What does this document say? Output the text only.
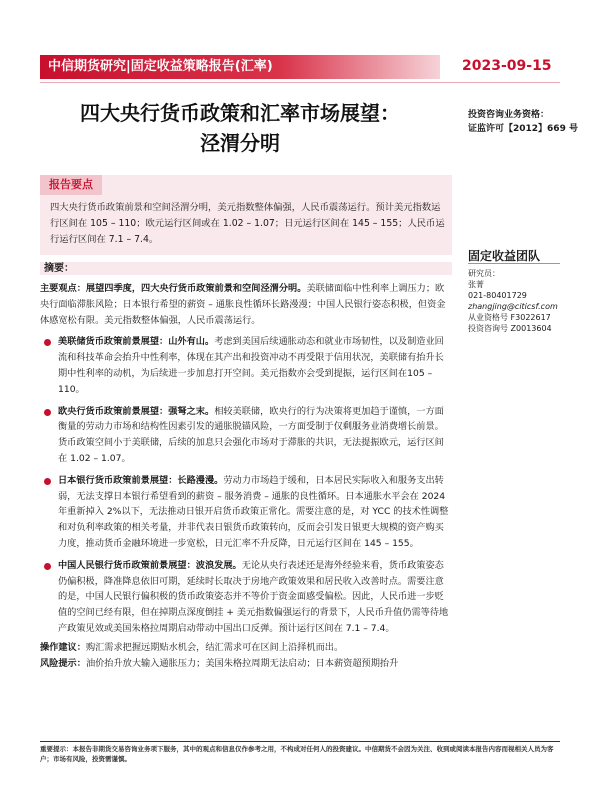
中信期货研究|固定收益策略报告(汇率)	2023-09-15
四大央行货币政策和汇率市场展望：
泾渭分明
投资咨询业务资格：
证监许可【2012】669 号
报告要点
四大央行货币政策前景和空间泾渭分明，美元指数整体偏强，人民币震荡运行。预计美元指数运行区间在 105 – 110；欧元运行区间或在 1.02 – 1.07；日元运行区间在 145 – 155；人民币运行运行区间在 7.1 – 7.4。
摘要：

主要观点：展望四季度，四大央行货币政策前景和空间泾渭分明。美联储面临中性利率上调压力；欧央行面临滞胀风险；日本银行希望的薪资 – 通胀良性循环长路漫漫；中国人民银行姿态积极，但资金体感宽松有限。美元指数整体偏强，人民币震荡运行。

美联储货币政策前景展望：山外有山。考虑到美国后续通胀动态和就业市场韧性，以及制造业回流和科技革命会抬升中性利率，体现在其产出和投资冲动不再受限于信用状况，美联储有抬升长期中性利率的动机，为后续进一步加息打开空间。美元指数亦会受到提振，运行区间在105 – 110。

欧央行货币政策前景展望：强弩之末。相较美联储，欧央行的行为决策将更加趋于谨慎，一方面衡量的劳动力市场和结构性因素引发的通胀脱锚风险，一方面受制于仅剩服务业消费增长前景。货币政策空间小于美联储，后续的加息只会强化市场对于滞胀的共识，无法提振欧元，运行区间在 1.02 – 1.07。

日本银行货币政策前景展望：长路漫漫。劳动力市场趋于缓和，日本居民实际收入和服务支出转弱，无法支撑日本银行希望看到的薪资 – 服务消费 – 通胀的良性循环。日本通胀水平会在 2024 年重新掉入 2%以下，无法推动日银开启货币政策正常化。需要注意的是，对 YCC 的技术性调整和对负利率政策的相关考量，并非代表日银货币政策转向，反而会引发日银更大规模的资产购买力度，推动货币金融环境进一步宽松，日元汇率不升反降，日元运行区间在 145 – 155。

中国人民银行货币政策前景展望：波浪发展。无论从央行表述还是海外经验来看，货币政策姿态仍偏积极，降准降息依旧可期，延续时长取决于房地产政策效果和居民收入改善时点。需要注意的是，中国人民银行偏积极的货币政策姿态并不等价于资金面感受偏松。因此，人民币进一步贬值的空间已经有限，但在掉期点深度倒挂 + 美元指数偏强运行的背景下，人民币升值仍需等待地产政策见效或美国朱格拉周期启动带动中国出口反弹。预计运行区间在 7.1 – 7.4。

操作建议：购汇需求把握远期贴水机会，结汇需求可在区间上沿择机而出。

风险提示：油价抬升放大输入通胀压力；美国朱格拉周期无法启动；日本薪资超预期抬升

固定收益团队
研究员：
张菁
021-80401729
zhangjing@citicsf.com
从业资格号 F3022617
投资咨询号 Z0013604
重要提示：本报告非期货交易咨询业务项下服务，其中的观点和信息仅作参考之用，不构成对任何人的投资建议。中信期货不会因为关注、收到或阅读本报告内容而视相关人员为客户；市场有风险，投资需谨慎。
